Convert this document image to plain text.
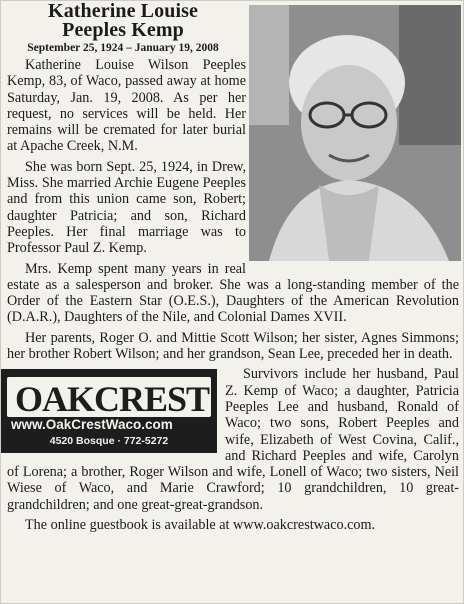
Katherine Louise
Peeples Kemp
September 25, 1924 – January 19, 2008

Katherine Louise Wilson Peeples Kemp, 83, of Waco, passed away at home Saturday, Jan. 19, 2008. As per her request, no services will be held. Her remains will be cremated for later burial at Apache Creek, N.M.

She was born Sept. 25, 1924, in Drew, Miss. She married Archie Eugene Peeples and from this union came son, Robert; daughter Patricia; and son, Richard Peeples. Her final marriage was to Professor Paul Z. Kemp.

Mrs. Kemp spent many years in real estate as a salesperson and broker. She was a long-standing member of the Order of the Eastern Star (O.E.S.), Daughters of the American Revolution (D.A.R.), Daughters of the Nile, and Colonial Dames XVII.

Her parents, Roger O. and Mittie Scott Wilson; her sister, Agnes Simmons; her brother Robert Wilson; and her grandson, Sean Lee, preceded her in death.

OAKCREST
www.OakCrestWaco.com
4520 Bosque · 772-5272

Survivors include her husband, Paul Z. Kemp of Waco; a daughter, Patricia Peeples Lee and husband, Ronald of Waco; two sons, Robert Peeples and wife, Elizabeth of West Covina, Calif., and Richard Peeples and wife, Carolyn of Lorena; a brother, Roger Wilson and wife, Lonell of Waco; two sisters, Neil Wiese of Waco, and Marie Crawford; 10 grandchildren, 10 great-grandchildren; and one great-great-grandson.

The online guestbook is available at www.oakcrestwaco.com.
